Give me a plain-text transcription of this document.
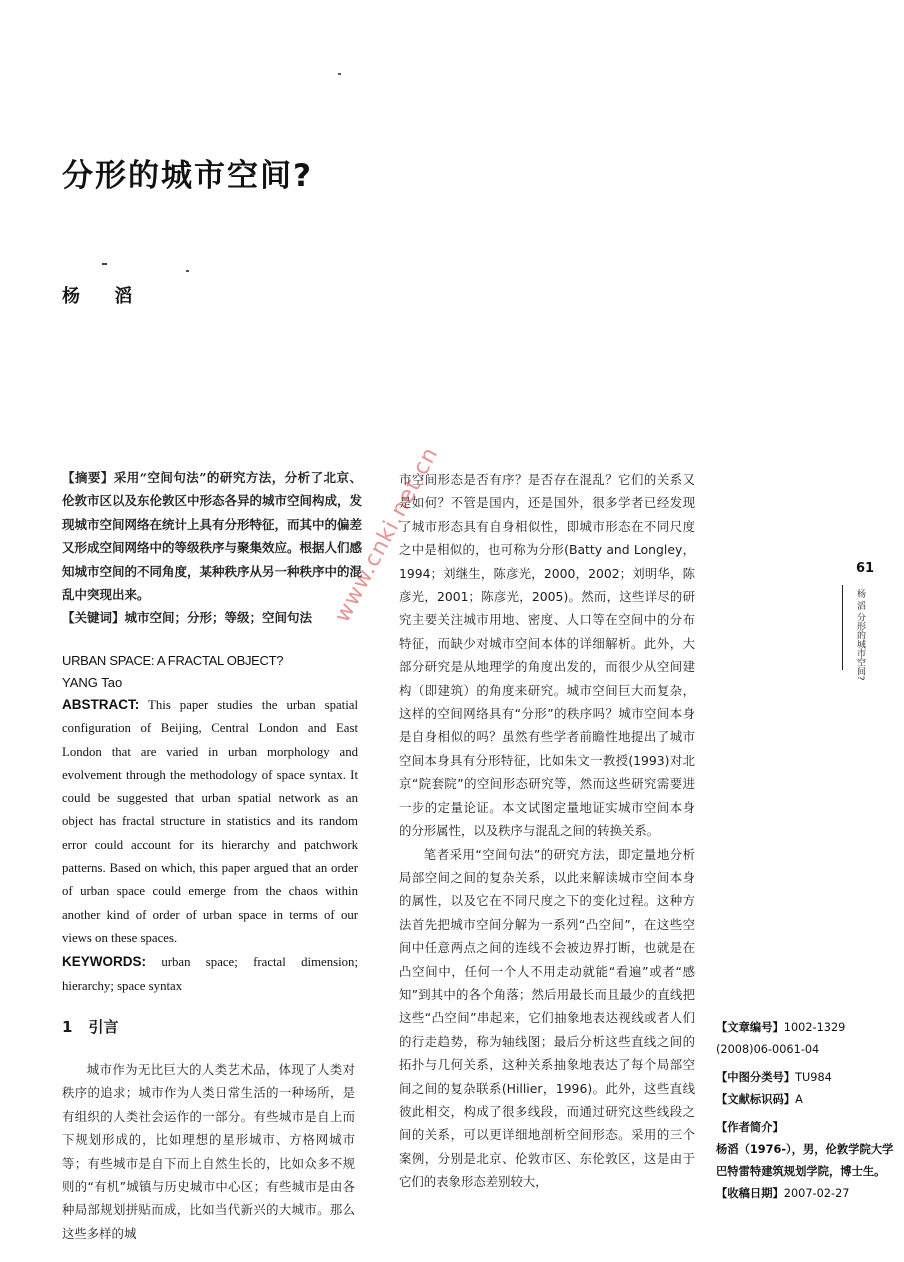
分形的城市空间?
杨 滔

【摘要】采用“空间句法”的研究方法，分析了北京、伦敦市区以及东伦敦区中形态各异的城市空间构成，发现城市空间网络在统计上具有分形特征，而其中的偏差又形成空间网络中的等级秩序与聚集效应。根据人们感知城市空间的不同角度，某种秩序从另一种秩序中的混乱中突现出来。

【关键词】城市空间；分形；等级；空间句法

URBAN SPACE: A FRACTAL OBJECT?
YANG Tao

ABSTRACT: This paper studies the urban spatial configuration of Beijing, Central London and East London that are varied in urban morphology and evolvement through the methodology of space syntax. It could be suggested that urban spatial network as an object has fractal structure in statistics and its random error could account for its hierarchy and patchwork patterns. Based on which, this paper argued that an order of urban space could emerge from the chaos within another kind of order of urban space in terms of our views on these spaces.

KEYWORDS: urban space; fractal dimension; hierarchy; space syntax

1 引言

城市作为无比巨大的人类艺术品，体现了人类对秩序的追求；城市作为人类日常生活的一种场所，是有组织的人类社会运作的一部分。有些城市是自上而下规划形成的，比如理想的星形城市、方格网城市等；有些城市是自下而上自然生长的，比如众多不规则的“有机”城镇与历史城市中心区；有些城市是由各种局部规划拼贴而成，比如当代新兴的大城市。那么这些多样的城

市空间形态是否有序？是否存在混乱？它们的关系又是如何？不管是国内，还是国外，很多学者已经发现了城市形态具有自身相似性，即城市形态在不同尺度之中是相似的，也可称为分形(Batty and Longley，1994；刘继生，陈彦光，2000，2002；刘明华，陈彦光，2001；陈彦光，2005)。然而，这些详尽的研究主要关注城市用地、密度、人口等在空间中的分布特征，而缺少对城市空间本体的详细解析。此外，大部分研究是从地理学的角度出发的，而很少从空间建构（即建筑）的角度来研究。城市空间巨大而复杂，这样的空间网络具有“分形”的秩序吗？城市空间本身是自身相似的吗？虽然有些学者前瞻性地提出了城市空间本身具有分形特征，比如朱文一教授(1993)对北京“院套院”的空间形态研究等，然而这些研究需要进一步的定量论证。本文试图定量地证实城市空间本身的分形属性，以及秩序与混乱之间的转换关系。

笔者采用“空间句法”的研究方法，即定量地分析局部空间之间的复杂关系，以此来解读城市空间本身的属性，以及它在不同尺度之下的变化过程。这种方法首先把城市空间分解为一系列“凸空间”，在这些空间中任意两点之间的连线不会被边界打断，也就是在凸空间中，任何一个人不用走动就能“看遍”或者“感知”到其中的各个角落；然后用最长而且最少的直线把这些“凸空间”串起来，它们抽象地表达视线或者人们的行走趋势，称为轴线图；最后分析这些直线之间的拓扑与几何关系，这种关系抽象地表达了每个局部空间之间的复杂联系(Hillier，1996)。此外，这些直线彼此相交，构成了很多线段，而通过研究这些线段之间的关系，可以更详细地剖析空间形态。采用的三个案例，分别是北京、伦敦市区、东伦敦区，这是由于它们的表象形态差别较大，

61
杨 滔 分形的城市空间?
【文章编号】1002-1329
(2008)06-0061-04
【中图分类号】TU984
【文献标识码】A
【作者简介】
杨滔（1976-），男，伦敦学院大学巴特雷特建筑规划学院，博士生。
【收稿日期】2007-02-27
www.cnki.net.cn
